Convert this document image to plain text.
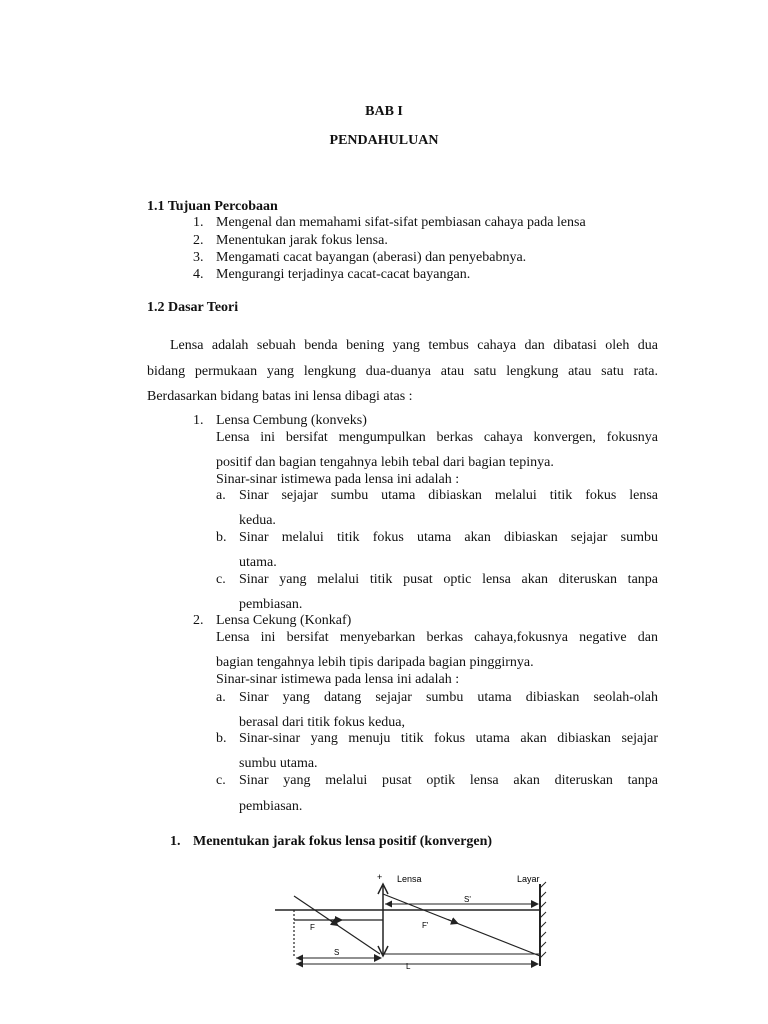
BAB I
PENDAHULUAN
1.1 Tujuan Percobaan
1. Mengenal dan memahami sifat-sifat pembiasan cahaya pada lensa
2. Menentukan jarak fokus lensa.
3. Mengamati cacat bayangan (aberasi) dan penyebabnya.
4. Mengurangi terjadinya cacat-cacat bayangan.
1.2 Dasar Teori
Lensa adalah sebuah benda bening yang tembus cahaya dan dibatasi oleh dua
bidang permukaan yang lengkung dua-duanya atau satu lengkung atau satu rata.
Berdasarkan bidang batas ini lensa dibagi atas :
1. Lensa Cembung (konveks)
Lensa ini bersifat mengumpulkan berkas cahaya konvergen, fokusnya
positif dan bagian tengahnya lebih tebal dari bagian tepinya.
Sinar-sinar istimewa pada lensa ini adalah :
a. Sinar sejajar sumbu utama dibiaskan melalui titik fokus lensa
kedua.
b. Sinar melalui titik fokus utama akan dibiaskan sejajar sumbu
utama.
c. Sinar yang melalui titik pusat optic lensa akan diteruskan tanpa
pembiasan.
2. Lensa Cekung (Konkaf)
Lensa ini bersifat menyebarkan berkas cahaya,fokusnya negative dan
bagian tengahnya lebih tipis daripada bagian pinggirnya.
Sinar-sinar istimewa pada lensa ini adalah :
a. Sinar yang datang sejajar sumbu utama dibiaskan seolah-olah
berasal dari titik fokus kedua,
b. Sinar-sinar yang menuju titik fokus utama akan dibiaskan sejajar
sumbu utama.
c. Sinar yang melalui pusat optik lensa akan diteruskan tanpa
pembiasan.
1. Menentukan jarak fokus lensa positif (konvergen)
+ Lensa	Layar
S'
F	F'
S
L
